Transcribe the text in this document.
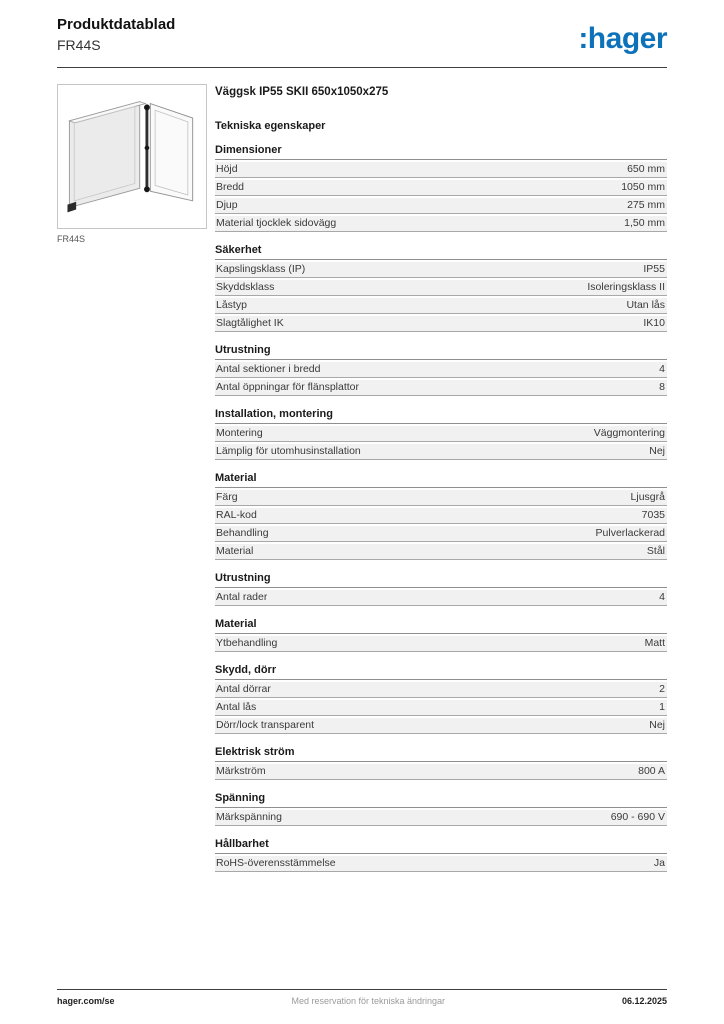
Produktdatablad
FR44S	:hager
FR44S
Väggsk IP55 SKII 650x1050x275
Tekniska egenskaper
Dimensioner
Höjd	650 mm
Bredd	1050 mm
Djup	275 mm
Material tjocklek sidovägg	1,50 mm
Säkerhet
Kapslingsklass (IP)	IP55
Skyddsklass	Isoleringsklass II
Låstyp	Utan lås
Slagtålighet IK	IK10
Utrustning
Antal sektioner i bredd	4
Antal öppningar för flänsplattor	8
Installation, montering
Montering	Väggmontering
Lämplig för utomhusinstallation	Nej
Material
Färg	Ljusgrå
RAL-kod	7035
Behandling	Pulverlackerad
Material	Stål
Utrustning
Antal rader	4
Material
Ytbehandling	Matt
Skydd, dörr
Antal dörrar	2
Antal lås	1
Dörr/lock transparent	Nej
Elektrisk ström
Märkström	800 A
Spänning
Märkspänning	690 - 690 V
Hållbarhet
RoHS-överensstämmelse	Ja
hager.com/se	Med reservation för tekniska ändringar	06.12.2025
